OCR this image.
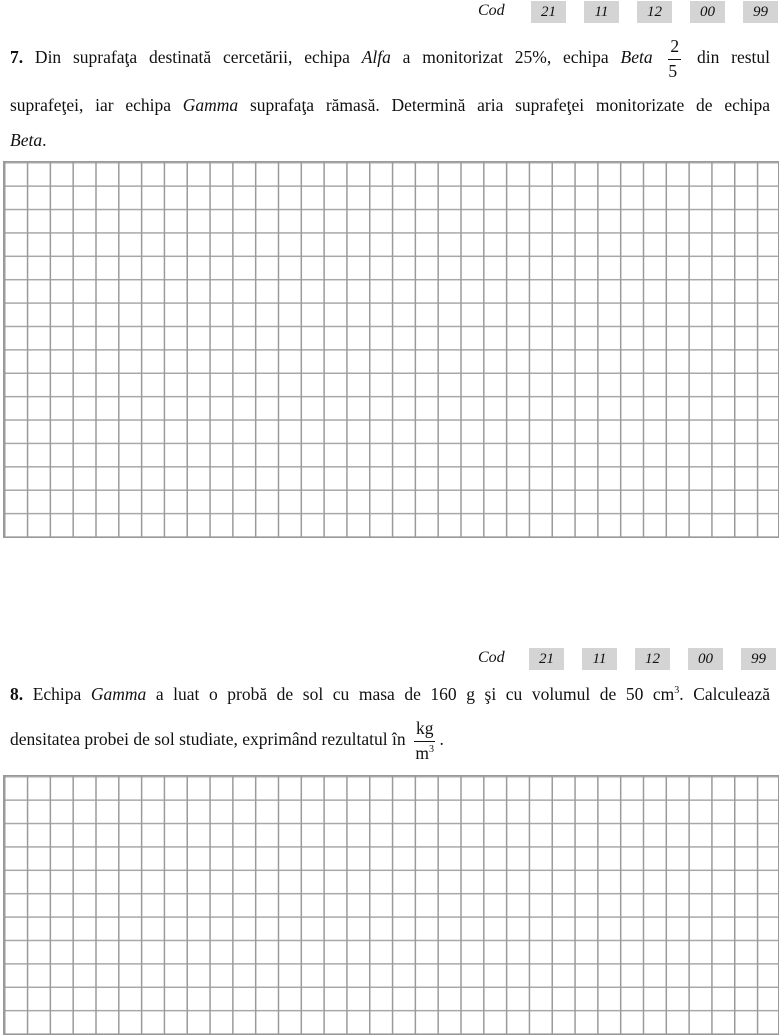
Cod	21	11	12	00	99
7. Din suprafaţa destinată cercetării, echipa Alfa a monitorizat 25%, echipa Beta $\frac{2}{5}$ din restul
suprafeţei, iar echipa Gamma suprafaţa rămasă. Determină aria suprafeţei monitorizate de echipa
Beta.
Cod	21	11	12	00	99
8. Echipa Gamma a luat o probă de sol cu masa de 160 g şi cu volumul de 50 $cm^3$. Calculează
densitatea probei de sol studiate, exprimând rezultatul în $\frac{kg}{m^3}$ .
